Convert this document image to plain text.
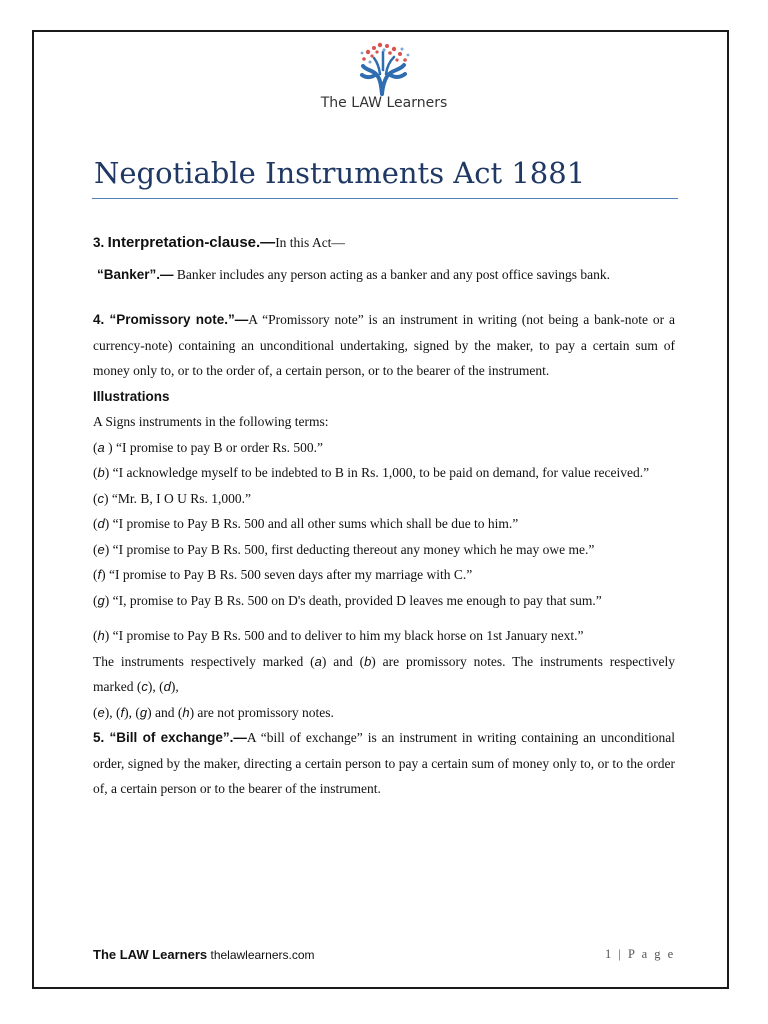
The LAW Learners
Negotiable Instruments Act 1881

3. Interpretation-clause.—In this Act—

“Banker”.— Banker includes any person acting as a banker and any post office savings bank.

4. “Promissory note.”—A “Promissory note” is an instrument in writing (not being a bank-note or a currency-note) containing an unconditional undertaking, signed by the maker, to pay a certain sum of money only to, or to the order of, a certain person, or to the bearer of the instrument.

Illustrations

A Signs instruments in the following terms:

(a ) “I promise to pay B or order Rs. 500.”

(b) “I acknowledge myself to be indebted to B in Rs. 1,000, to be paid on demand, for value received.”

(c) “Mr. B, I O U Rs. 1,000.”

(d) “I promise to Pay B Rs. 500 and all other sums which shall be due to him.”

(e) “I promise to Pay B Rs. 500, first deducting thereout any money which he may owe me.”

(f) “I promise to Pay B Rs. 500 seven days after my marriage with C.”

(g) “I, promise to Pay B Rs. 500 on D's death, provided D leaves me enough to pay that sum.”

(h) “I promise to Pay B Rs. 500 and to deliver to him my black horse on 1st January next.”

The instruments respectively marked (a) and (b) are promissory notes. The instruments respectively marked (c), (d),

(e), (f), (g) and (h) are not promissory notes.

5. “Bill of exchange”.—A “bill of exchange” is an instrument in writing containing an unconditional order, signed by the maker, directing a certain person to pay a certain sum of money only to, or to the order of, a certain person or to the bearer of the instrument.

The LAW Learners thelawlearners.com	1 | P a g e
